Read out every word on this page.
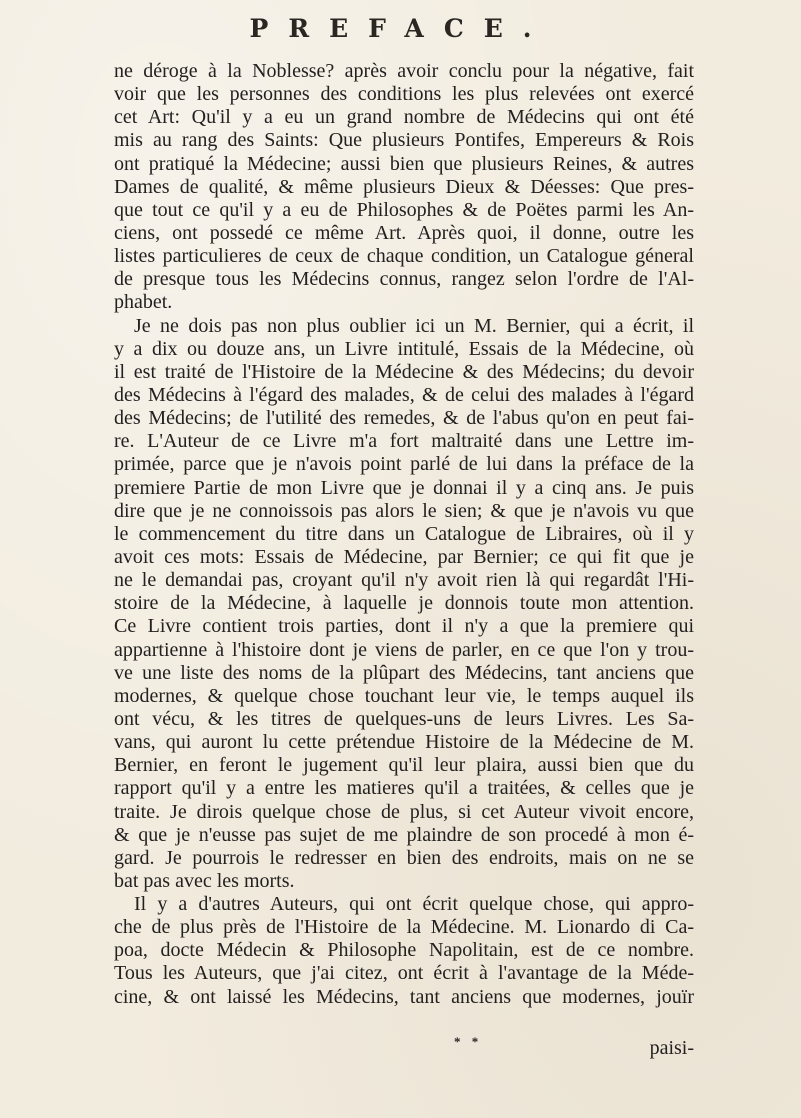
PREFACE.
ne déroge à la Noblesse? après avoir conclu pour la négative, fait
voir que les personnes des conditions les plus relevées ont exercé
cet Art: Qu'il y a eu un grand nombre de Médecins qui ont été
mis au rang des Saints: Que plusieurs Pontifes, Empereurs & Rois
ont pratiqué la Médecine; aussi bien que plusieurs Reines, & autres
Dames de qualité, & même plusieurs Dieux & Déesses: Que pres-
que tout ce qu'il y a eu de Philosophes & de Poëtes parmi les An-
ciens, ont possedé ce même Art. Après quoi, il donne, outre les
listes particulieres de ceux de chaque condition, un Catalogue géneral
de presque tous les Médecins connus, rangez selon l'ordre de l'Al-
phabet.
Je ne dois pas non plus oublier ici un M. Bernier, qui a écrit, il
y a dix ou douze ans, un Livre intitulé, Essais de la Médecine, où
il est traité de l'Histoire de la Médecine & des Médecins; du devoir
des Médecins à l'égard des malades, & de celui des malades à l'égard
des Médecins; de l'utilité des remedes, & de l'abus qu'on en peut fai-
re. L'Auteur de ce Livre m'a fort maltraité dans une Lettre im-
primée, parce que je n'avois point parlé de lui dans la préface de la
premiere Partie de mon Livre que je donnai il y a cinq ans. Je puis
dire que je ne connoissois pas alors le sien; & que je n'avois vu que
le commencement du titre dans un Catalogue de Libraires, où il y
avoit ces mots: Essais de Médecine, par Bernier; ce qui fit que je
ne le demandai pas, croyant qu'il n'y avoit rien là qui regardât l'Hi-
stoire de la Médecine, à laquelle je donnois toute mon attention.
Ce Livre contient trois parties, dont il n'y a que la premiere qui
appartienne à l'histoire dont je viens de parler, en ce que l'on y trou-
ve une liste des noms de la plûpart des Médecins, tant anciens que
modernes, & quelque chose touchant leur vie, le temps auquel ils
ont vécu, & les titres de quelques-uns de leurs Livres. Les Sa-
vans, qui auront lu cette prétendue Histoire de la Médecine de M.
Bernier, en feront le jugement qu'il leur plaira, aussi bien que du
rapport qu'il y a entre les matieres qu'il a traitées, & celles que je
traite. Je dirois quelque chose de plus, si cet Auteur vivoit encore,
& que je n'eusse pas sujet de me plaindre de son procedé à mon é-
gard. Je pourrois le redresser en bien des endroits, mais on ne se
bat pas avec les morts.
Il y a d'autres Auteurs, qui ont écrit quelque chose, qui appro-
che de plus près de l'Histoire de la Médecine. M. Lionardo di Ca-
poa, docte Médecin & Philosophe Napolitain, est de ce nombre.
Tous les Auteurs, que j'ai citez, ont écrit à l'avantage de la Méde-
cine, & ont laissé les Médecins, tant anciens que modernes, jouïr
* *	paisi-
